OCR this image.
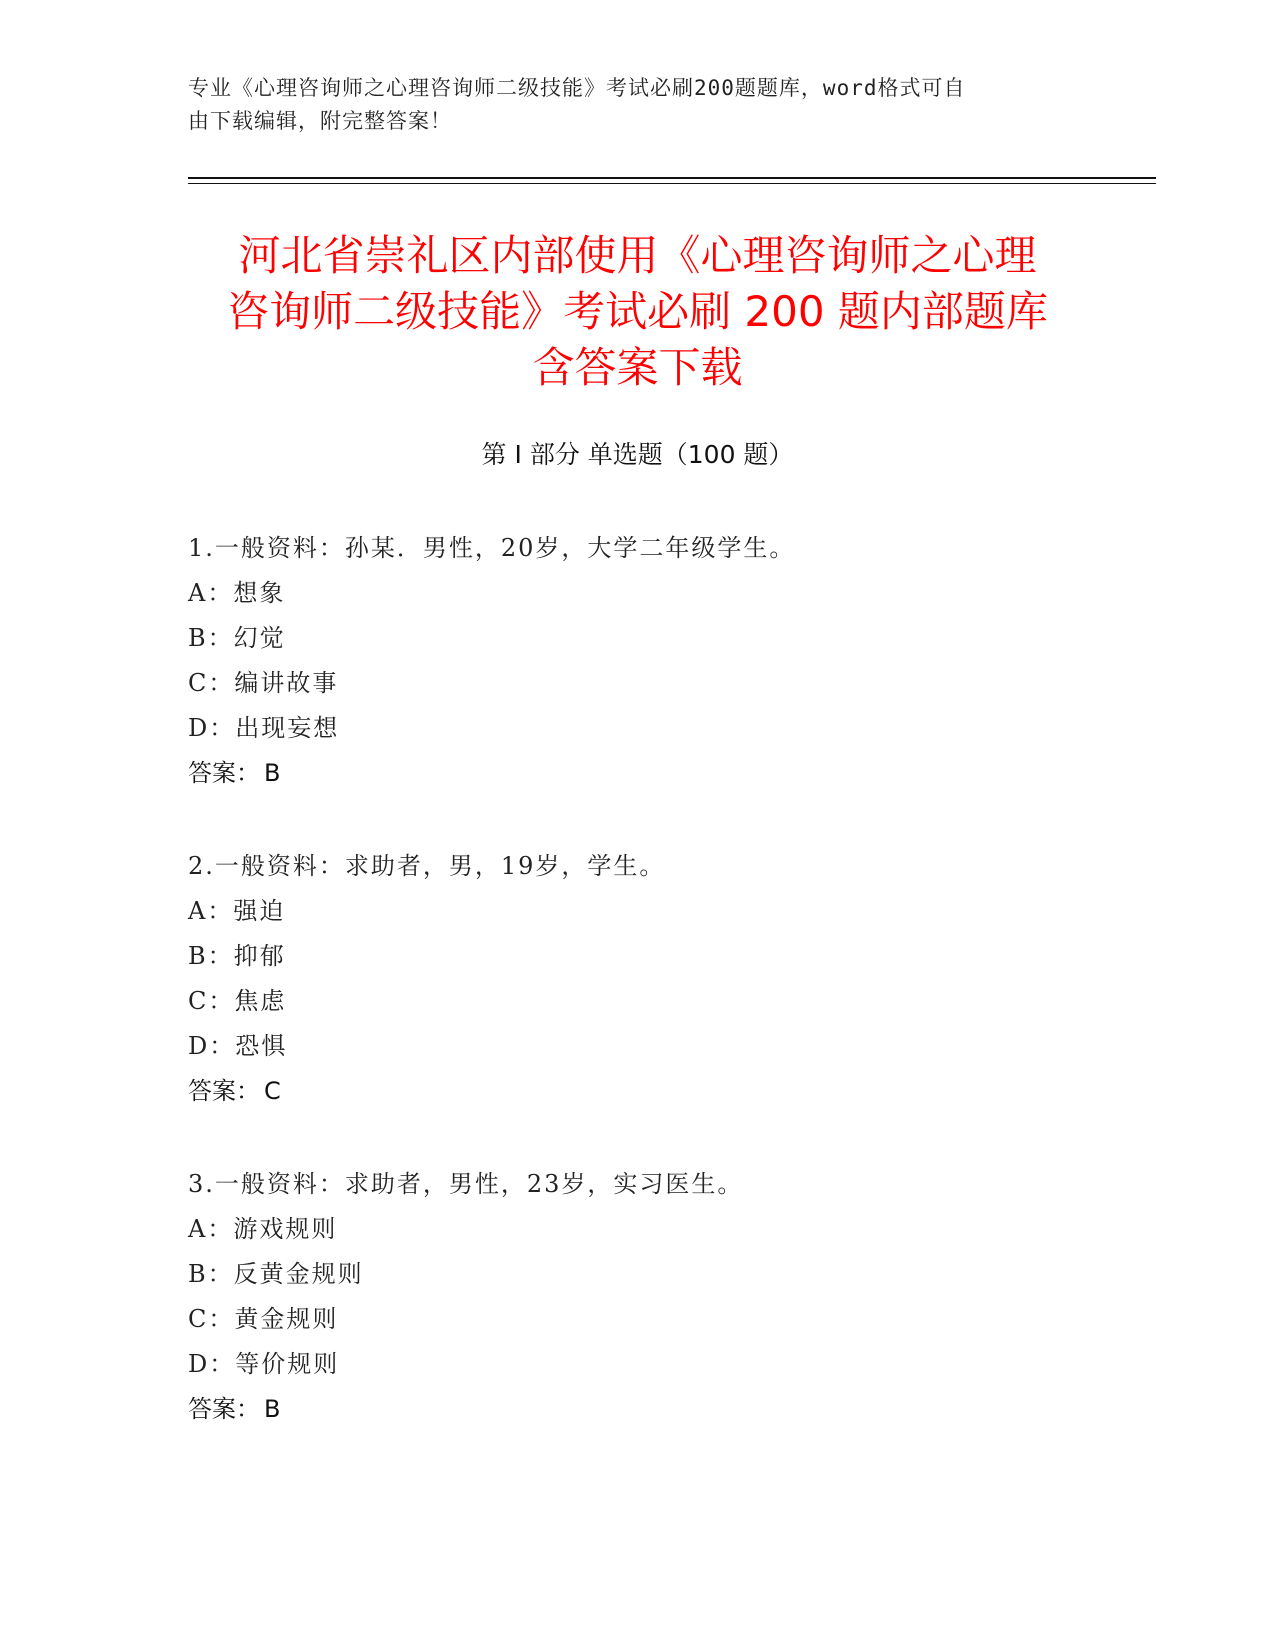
专业《心理咨询师之心理咨询师二级技能》考试必刷200题题库，word格式可自
由下载编辑，附完整答案！
河北省崇礼区内部使用《心理咨询师之心理
咨询师二级技能》考试必刷 200 题内部题库
含答案下载
第 I 部分 单选题（100 题）
1.一般资料：孙某．男性，20岁，大学二年级学生。
A：想象
B：幻觉
C：编讲故事
D：出现妄想
答案： B
2.一般资料：求助者，男，19岁，学生。
A：强迫
B：抑郁
C：焦虑
D：恐惧
答案： C
3.一般资料：求助者，男性，23岁，实习医生。
A：游戏规则
B：反黄金规则
C：黄金规则
D：等价规则
答案： B
